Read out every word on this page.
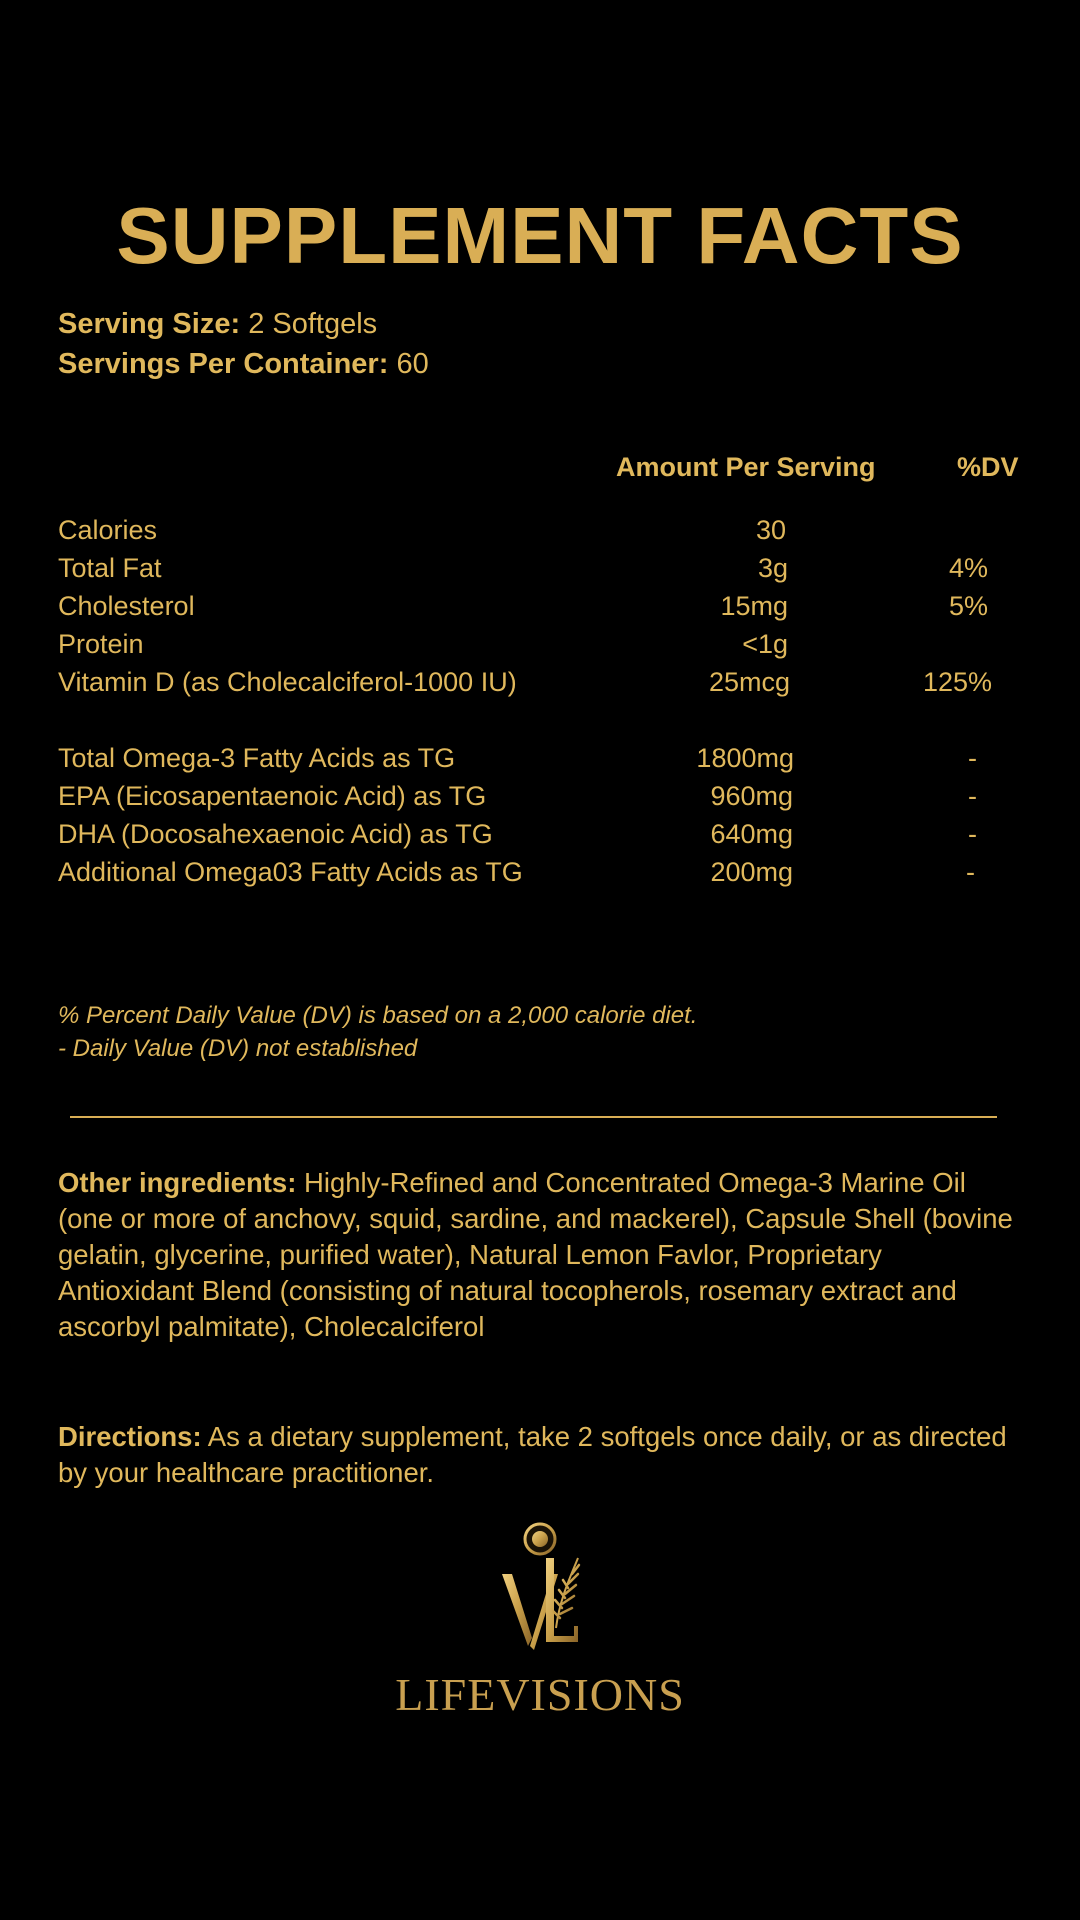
SUPPLEMENT FACTS
Serving Size: 2 Softgels
Servings Per Container: 60
Amount Per Serving	%DV
Calories	30
Total Fat	3g	4%
Cholesterol	15mg	5%
Protein	<1g
Vitamin D (as Cholecalciferol-1000 IU)	25mcg	125%
Total Omega-3 Fatty Acids as TG	1800mg	-
EPA (Eicosapentaenoic Acid) as TG	960mg	-
DHA (Docosahexaenoic Acid) as TG	640mg	-
Additional Omega03 Fatty Acids as TG	200mg	-
% Percent Daily Value (DV) is based on a 2,000 calorie diet.
- Daily Value (DV) not established
Other ingredients: Highly-Refined and Concentrated Omega-3 Marine Oil (one or more of anchovy, squid, sardine, and mackerel), Capsule Shell (bovine gelatin, glycerine, purified water), Natural Lemon Favlor, Proprietary Antioxidant Blend (consisting of natural tocopherols, rosemary extract and ascorbyl palmitate), Cholecalciferol
Directions: As a dietary supplement, take 2 softgels once daily, or as directed by your healthcare practitioner.
LIFEVISIONS
